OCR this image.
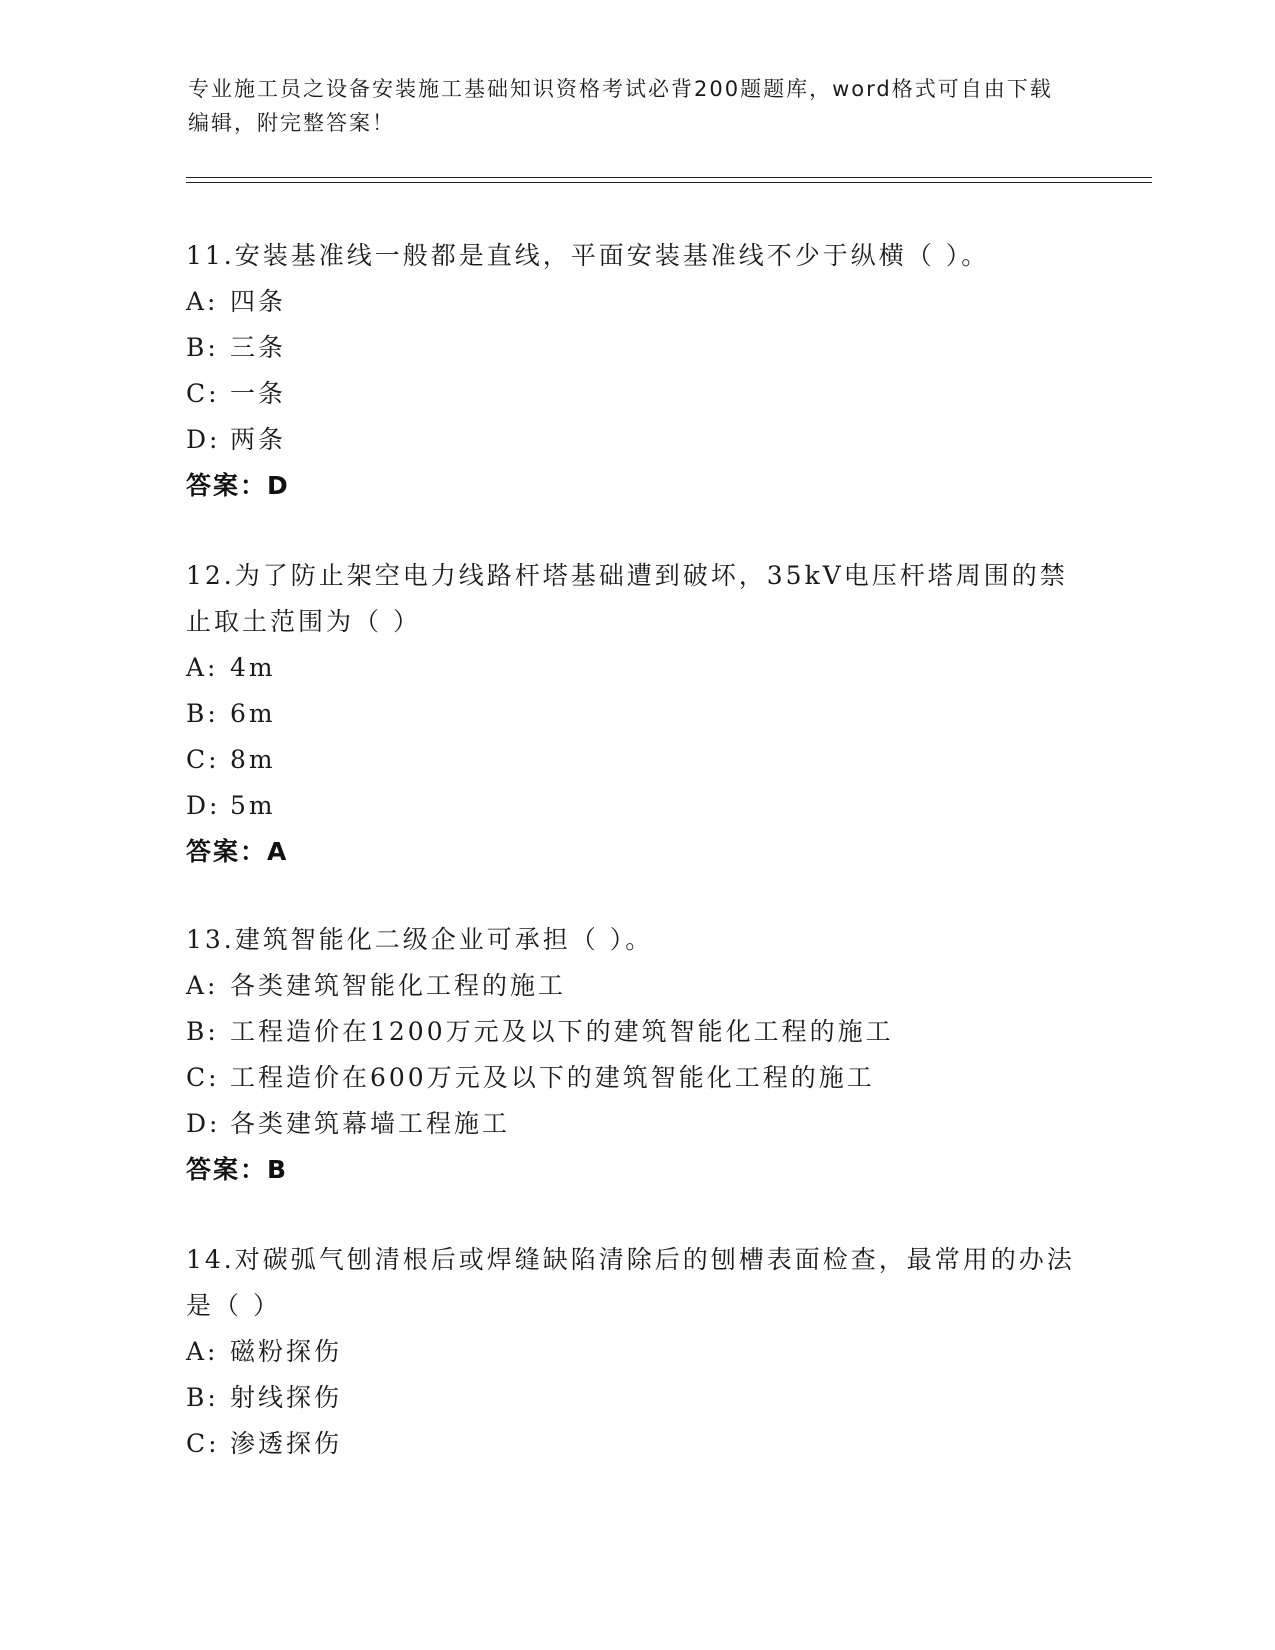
专业施工员之设备安装施工基础知识资格考试必背200题题库，word格式可自由下载编辑，附完整答案！

11.安装基准线一般都是直线，平面安装基准线不少于纵横（ ）。

A: 四条

B: 三条

C: 一条

D: 两条

答案：D

12.为了防止架空电力线路杆塔基础遭到破坏，35kV电压杆塔周围的禁止取土范围为（ ）

A: 4m

B: 6m

C: 8m

D: 5m

答案：A

13.建筑智能化二级企业可承担（ ）。

A: 各类建筑智能化工程的施工

B: 工程造价在1200万元及以下的建筑智能化工程的施工

C: 工程造价在600万元及以下的建筑智能化工程的施工

D: 各类建筑幕墙工程施工

答案：B

14.对碳弧气刨清根后或焊缝缺陷清除后的刨槽表面检查，最常用的办法是（ ）

A: 磁粉探伤

B: 射线探伤

C: 渗透探伤
